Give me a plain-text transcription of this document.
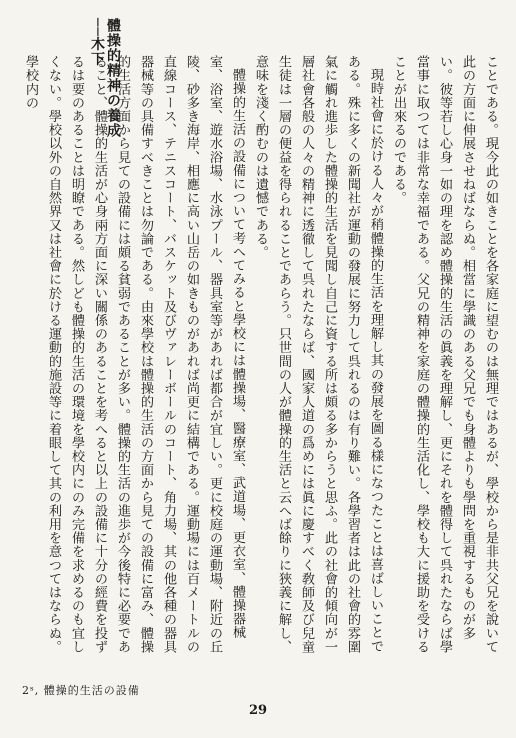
體操的精神の養成──木下

ことである。現今此の如きことを各家庭に望むのは無理ではあるが、學校から是非共父兄を說いて此の方面に伸展させねばならぬ。相當に學識のある父兄でも身體よりも學問を重視するものが多い。彼等若し心身一如の理を認め體操的生活の眞義を理解し、更にそれを體得して呉れたならば學當事に取つては非常な幸福である。父兄の精神を家庭の體操的生活化し、學校も大に援助を受けることが出來るのである。

現時社會に於ける人々が稍體操的生活を理解し其の發展を圖る樣になつたことは喜ばしいことである。殊に多くの新聞社が運動の發展に努力して呉れるのは有り難い。各學習者は此の社會的雰圍氣に觸れ進歩した體操的生活を見聞し自己に資する所は頗る多からうと思ふ。此の社會的傾向が一層社會各般の人々の精神に透徹して呉れたならば、國家人道の爲めには眞に慶すべく敎師及び兒童生徒は一層の便益を得られることであらう。只世間の人が體操的生活と云へば餘りに狹義に解し、意味を淺く酌むのは遺憾である。

體操的生活の設備について考へてみると學校には體操場、醫療室、武道場、更衣室、體操器械室、浴室、遊水浴場、水泳プール、器具室等があれば都合が宜しい。更に校庭の運動場、附近の丘陵、砂多き海岸、相應に高い山岳の如きものがあれば尚更に結構である。運動場には百メートルの直線コース、テニスコート、バスケット及びヴァレーボールのコート、角力場、其の他各種の器具器械等の具備すべきことは勿論である。由來學校は體操的生活の方面から見ての設備に富み、體操的生活方面から見ての設備には頗る貧弱であることが多い。體操的生活の進歩が今後特に必要であること、體操的生活が心身兩方面に深い關係のあることを考へると以上の設備に十分の經費を投ずるは要のあることは明瞭である。然しども體操的生活の環境を學校内にのみ完備を求めるのも宜しくない。學校以外の自然界又は社會に於ける運動的施設等に着眼して其の利用を意つてはならぬ。學校内の

2ˢ, 體操的生活の設備
29
